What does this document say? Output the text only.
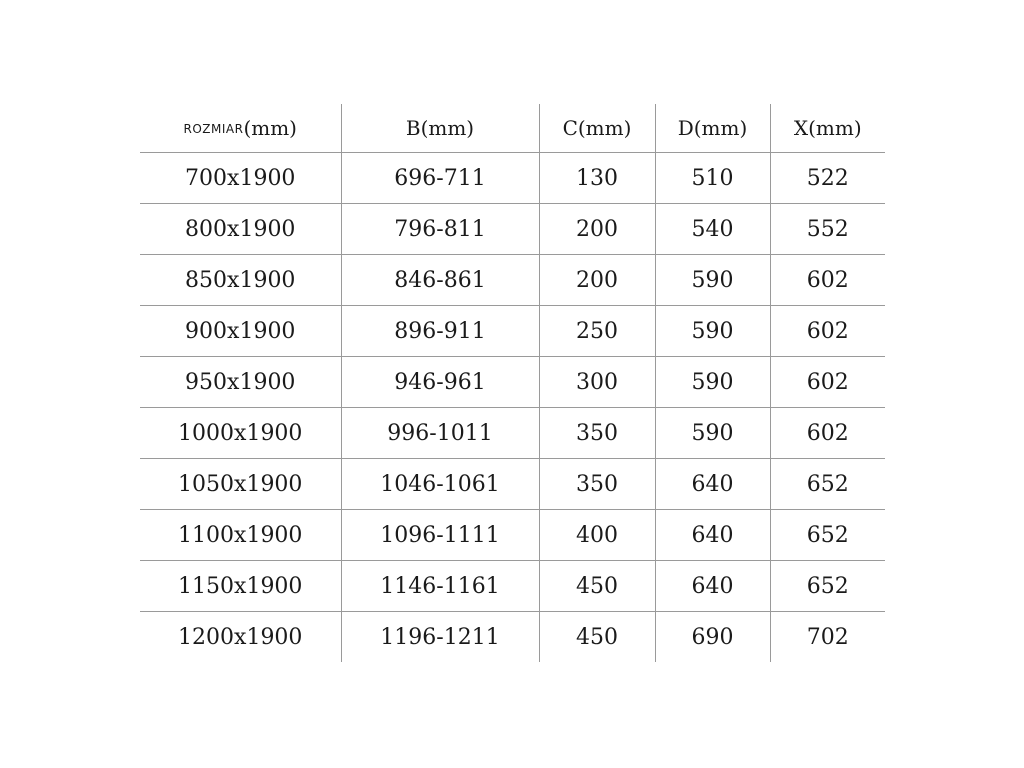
ROZMIAR(mm)	B(mm)	C(mm)	D(mm)	X(mm)
700x1900	696-711	130	510	522
800x1900	796-811	200	540	552
850x1900	846-861	200	590	602
900x1900	896-911	250	590	602
950x1900	946-961	300	590	602
1000x1900	996-1011	350	590	602
1050x1900	1046-1061	350	640	652
1100x1900	1096-1111	400	640	652
1150x1900	1146-1161	450	640	652
1200x1900	1196-1211	450	690	702
